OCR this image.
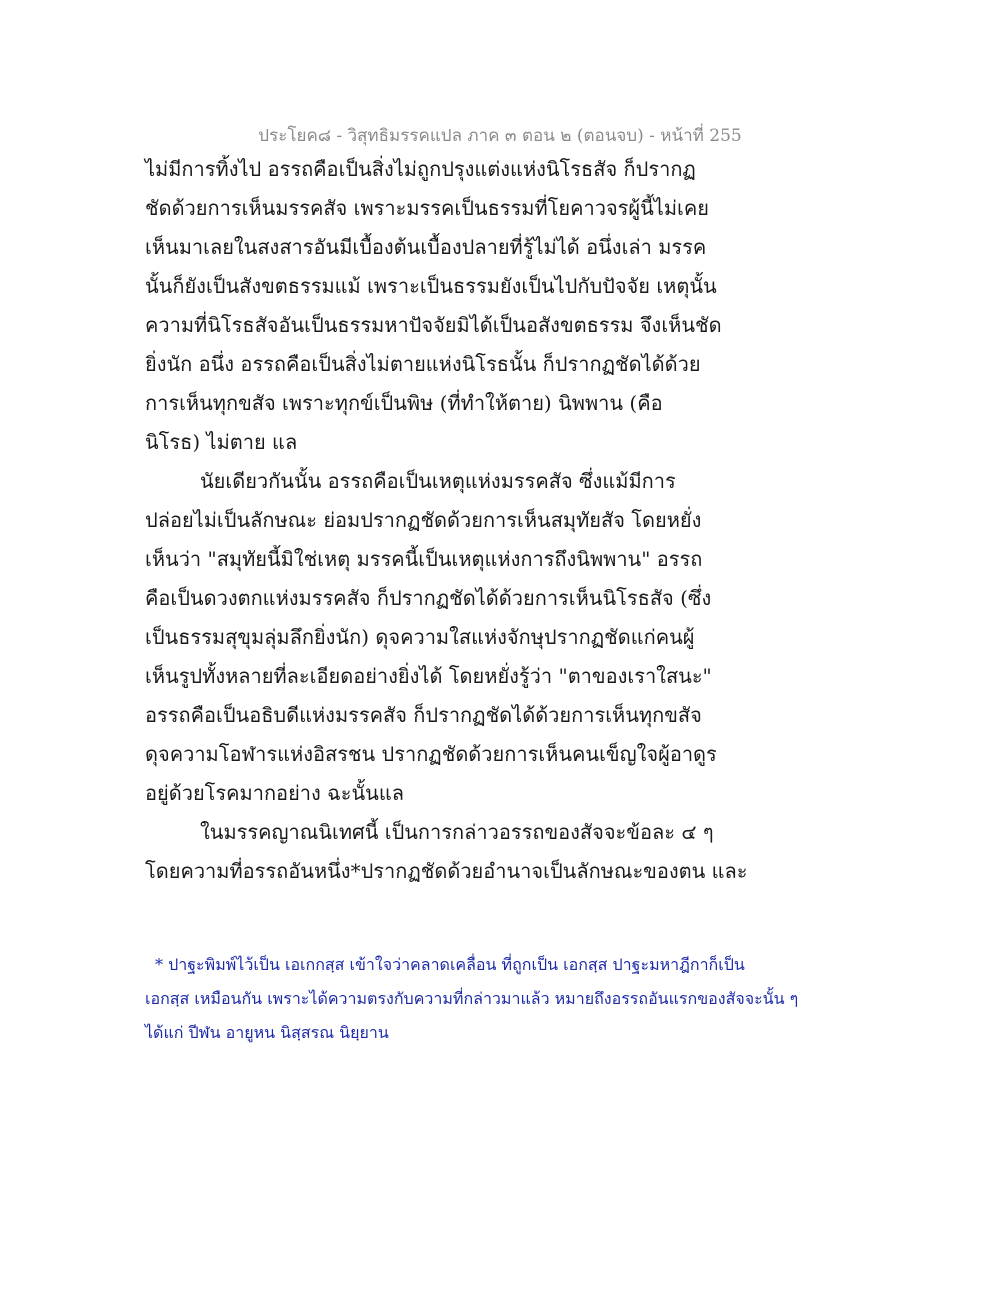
ประโยค๘ - วิสุทธิมรรคแปล ภาค ๓ ตอน ๒ (ตอนจบ) - หน้าที่ 255
ไม่มีการทิ้งไป อรรถคือเป็นสิ่งไม่ถูกปรุงแต่งแห่งนิโรธสัจ ก็ปรากฏ
ชัดด้วยการเห็นมรรคสัจ เพราะมรรคเป็นธรรมที่โยคาวจรผู้นี้ไม่เคย
เห็นมาเลยในสงสารอันมีเบื้องต้นเบื้องปลายที่รู้ไม่ได้ อนึ่งเล่า มรรค
นั้นก็ยังเป็นสังขตธรรมแม้ เพราะเป็นธรรมยังเป็นไปกับปัจจัย เหตุนั้น
ความที่นิโรธสัจอันเป็นธรรมหาปัจจัยมิได้เป็นอสังขตธรรม จึงเห็นชัด
ยิ่งนัก อนึ่ง อรรถคือเป็นสิ่งไม่ตายแห่งนิโรธนั้น ก็ปรากฏชัดได้ด้วย
การเห็นทุกขสัจ เพราะทุกข์เป็นพิษ (ที่ทำให้ตาย) นิพพาน (คือ
นิโรธ) ไม่ตาย แล
นัยเดียวกันนั้น อรรถคือเป็นเหตุแห่งมรรคสัจ ซึ่งแม้มีการ
ปล่อยไม่เป็นลักษณะ ย่อมปรากฏชัดด้วยการเห็นสมุทัยสัจ โดยหยั่ง
เห็นว่า "สมุทัยนี้มิใช่เหตุ มรรคนี้เป็นเหตุแห่งการถึงนิพพาน" อรรถ
คือเป็นดวงตกแห่งมรรคสัจ ก็ปรากฏชัดได้ด้วยการเห็นนิโรธสัจ (ซึ่ง
เป็นธรรมสุขุมลุ่มลึกยิ่งนัก) ดุจความใสแห่งจักษุปรากฏชัดแก่คนผู้
เห็นรูปทั้งหลายที่ละเอียดอย่างยิ่งได้ โดยหยั่งรู้ว่า "ตาของเราใสนะ"
อรรถคือเป็นอธิบดีแห่งมรรคสัจ ก็ปรากฏชัดได้ด้วยการเห็นทุกขสัจ
ดุจความโอฬารแห่งอิสรชน ปรากฏชัดด้วยการเห็นคนเข็ญใจผู้อาดูร
อยู่ด้วยโรคมากอย่าง ฉะนั้นแล
ในมรรคญาณนิเทศนี้ เป็นการกล่าวอรรถของสัจจะข้อละ ๔ ๆ
โดยความที่อรรถอันหนึ่ง*ปรากฏชัดด้วยอำนาจเป็นลักษณะของตน และ
* ปาฐะพิมพ์ไว้เป็น เอเกกสฺส เข้าใจว่าคลาดเคลื่อน ที่ถูกเป็น เอกสฺส ปาฐะมหาฎีกาก็เป็น
เอกสฺส เหมือนกัน เพราะได้ความตรงกับความที่กล่าวมาแล้ว หมายถึงอรรถอันแรกของสัจจะนั้น ๆ
ได้แก่ ปีฬน อายูหน นิสฺสรณ นิยฺยาน
